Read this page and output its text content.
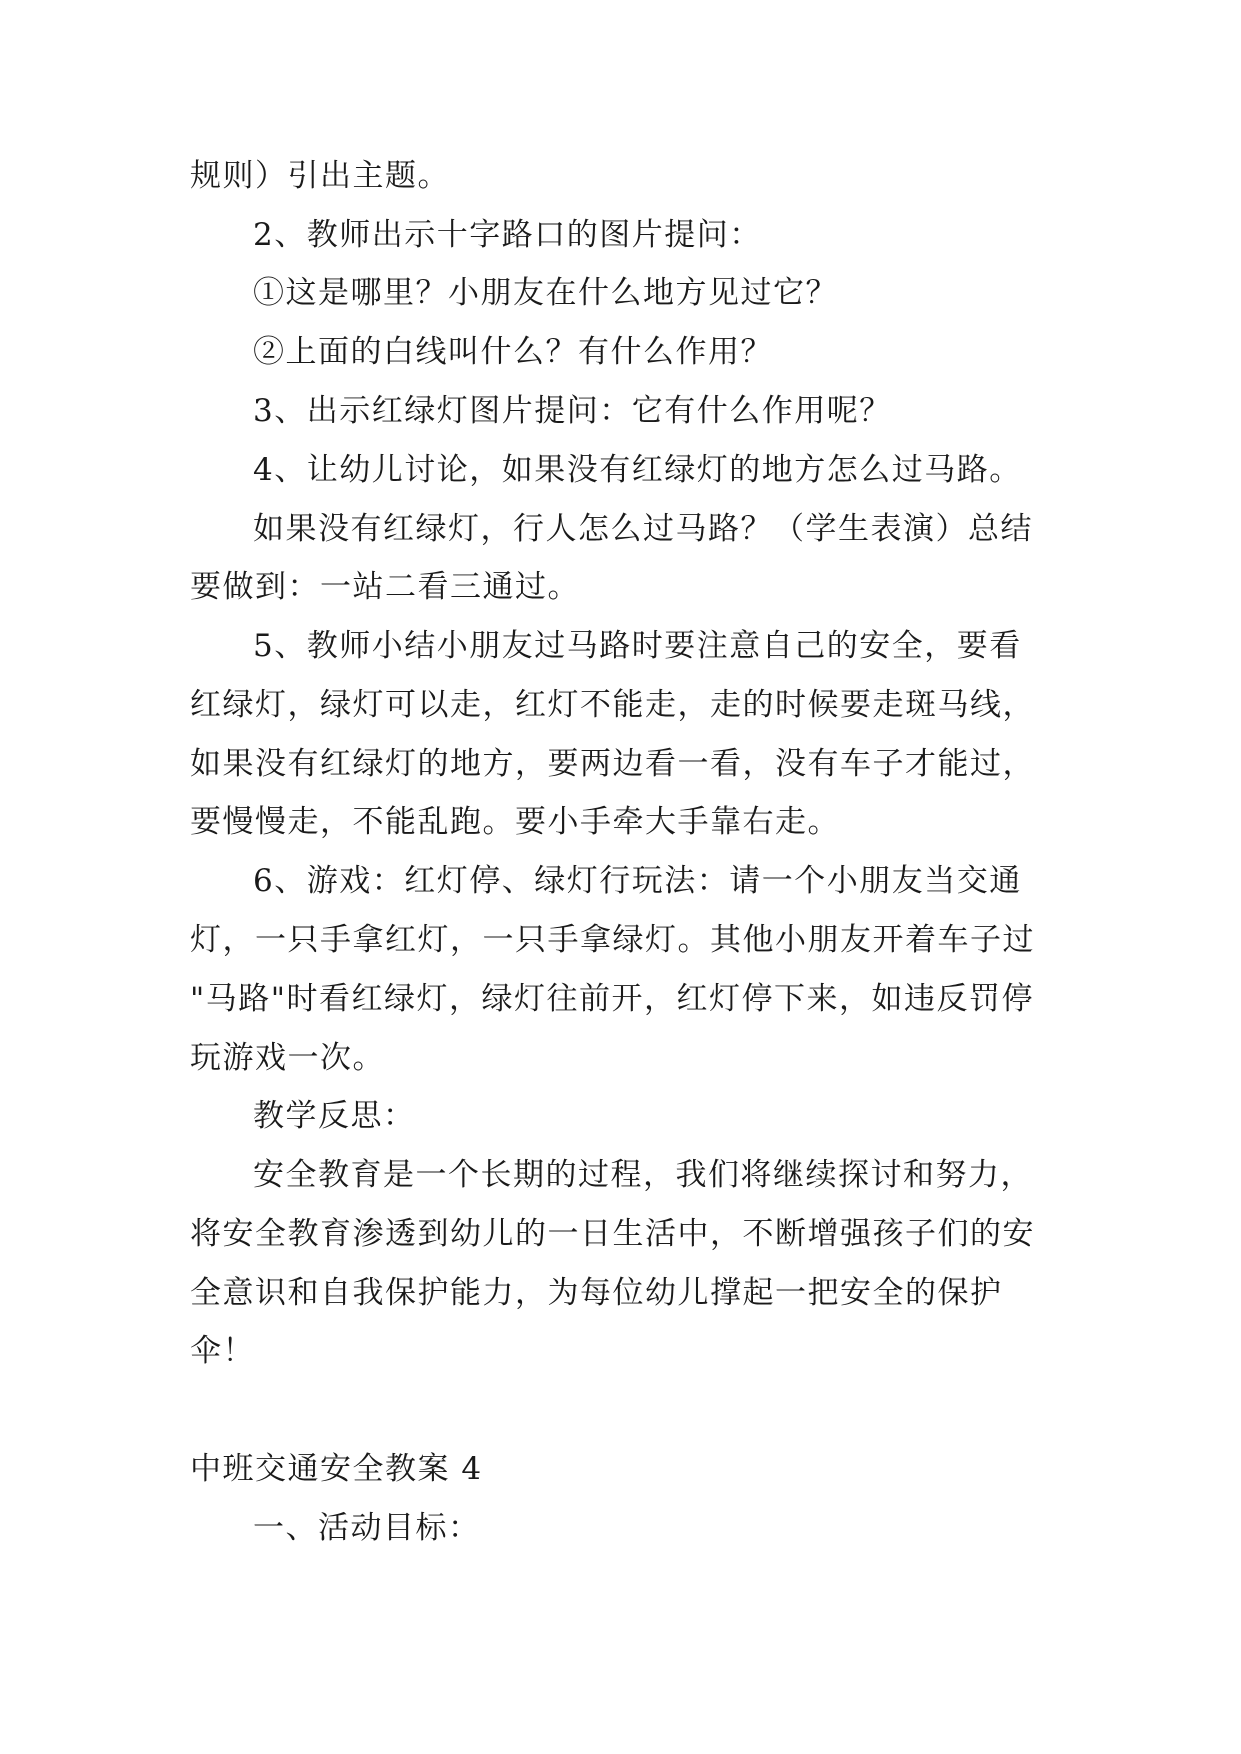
规则）引出主题。
2、教师出示十字路口的图片提问：
①这是哪里？小朋友在什么地方见过它？
②上面的白线叫什么？有什么作用？
3、出示红绿灯图片提问：它有什么作用呢？
4、让幼儿讨论，如果没有红绿灯的地方怎么过马路。
如果没有红绿灯，行人怎么过马路？（学生表演）总结
要做到：一站二看三通过。
5、教师小结小朋友过马路时要注意自己的安全，要看
红绿灯，绿灯可以走，红灯不能走，走的时候要走斑马线，
如果没有红绿灯的地方，要两边看一看，没有车子才能过，
要慢慢走，不能乱跑。要小手牵大手靠右走。
6、游戏：红灯停、绿灯行玩法：请一个小朋友当交通
灯，一只手拿红灯，一只手拿绿灯。其他小朋友开着车子过
"马路"时看红绿灯，绿灯往前开，红灯停下来，如违反罚停
玩游戏一次。
教学反思：
安全教育是一个长期的过程，我们将继续探讨和努力，
将安全教育渗透到幼儿的一日生活中，不断增强孩子们的安
全意识和自我保护能力，为每位幼儿撑起一把安全的保护
伞！
中班交通安全教案 4
一、活动目标：
